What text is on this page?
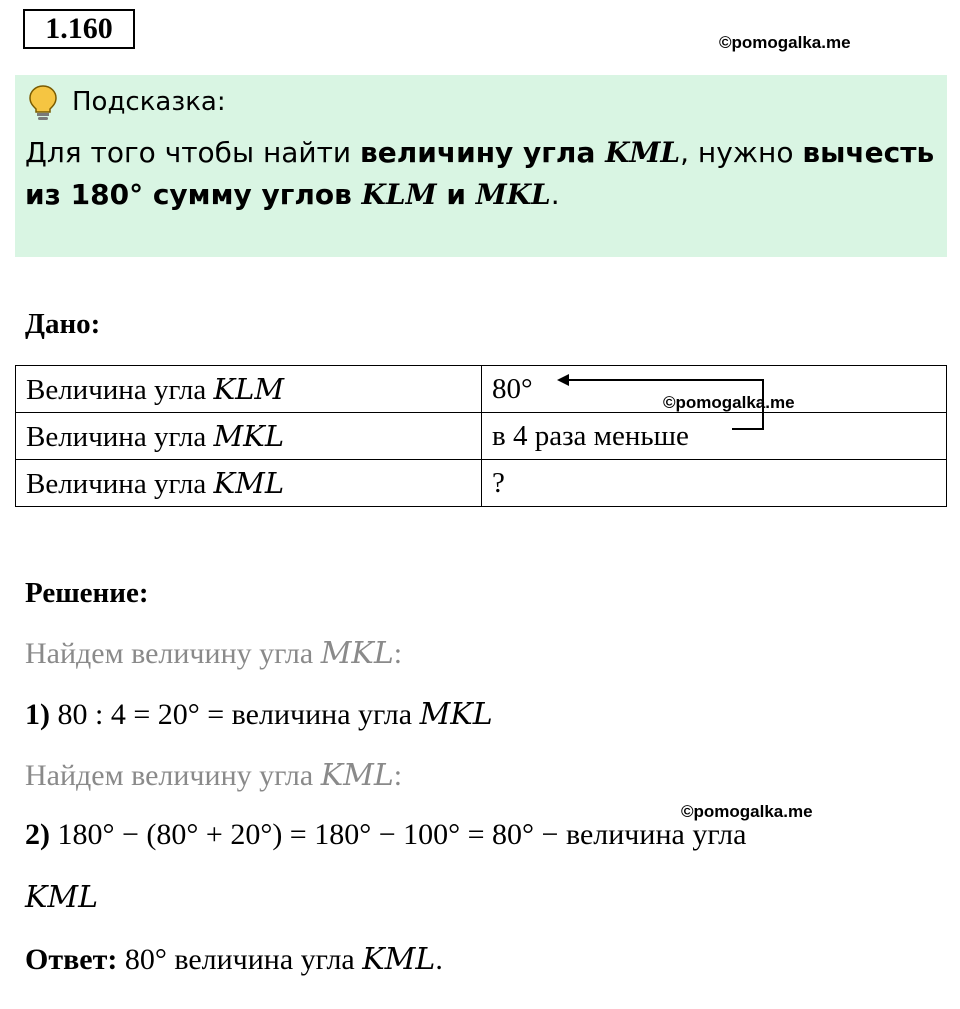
1.160	©pomogalka.me
Подсказка:
Для того чтобы найти величину угла KML, нужно вычесть из 180° сумму углов KLM и MKL.
Дано:
Величина угла KLM	80°
Величина угла MKL	в 4 раза меньше
Величина угла KML	?
©pomogalka.me
Решение:
Найдем величину угла MKL:
1) 80 : 4 = 20° = величина угла MKL
Найдем величину угла KML:
©pomogalka.me
2) 180° − (80° + 20°) = 180° − 100° = 80° − величина угла
KML
Ответ: 80° величина угла KML.
